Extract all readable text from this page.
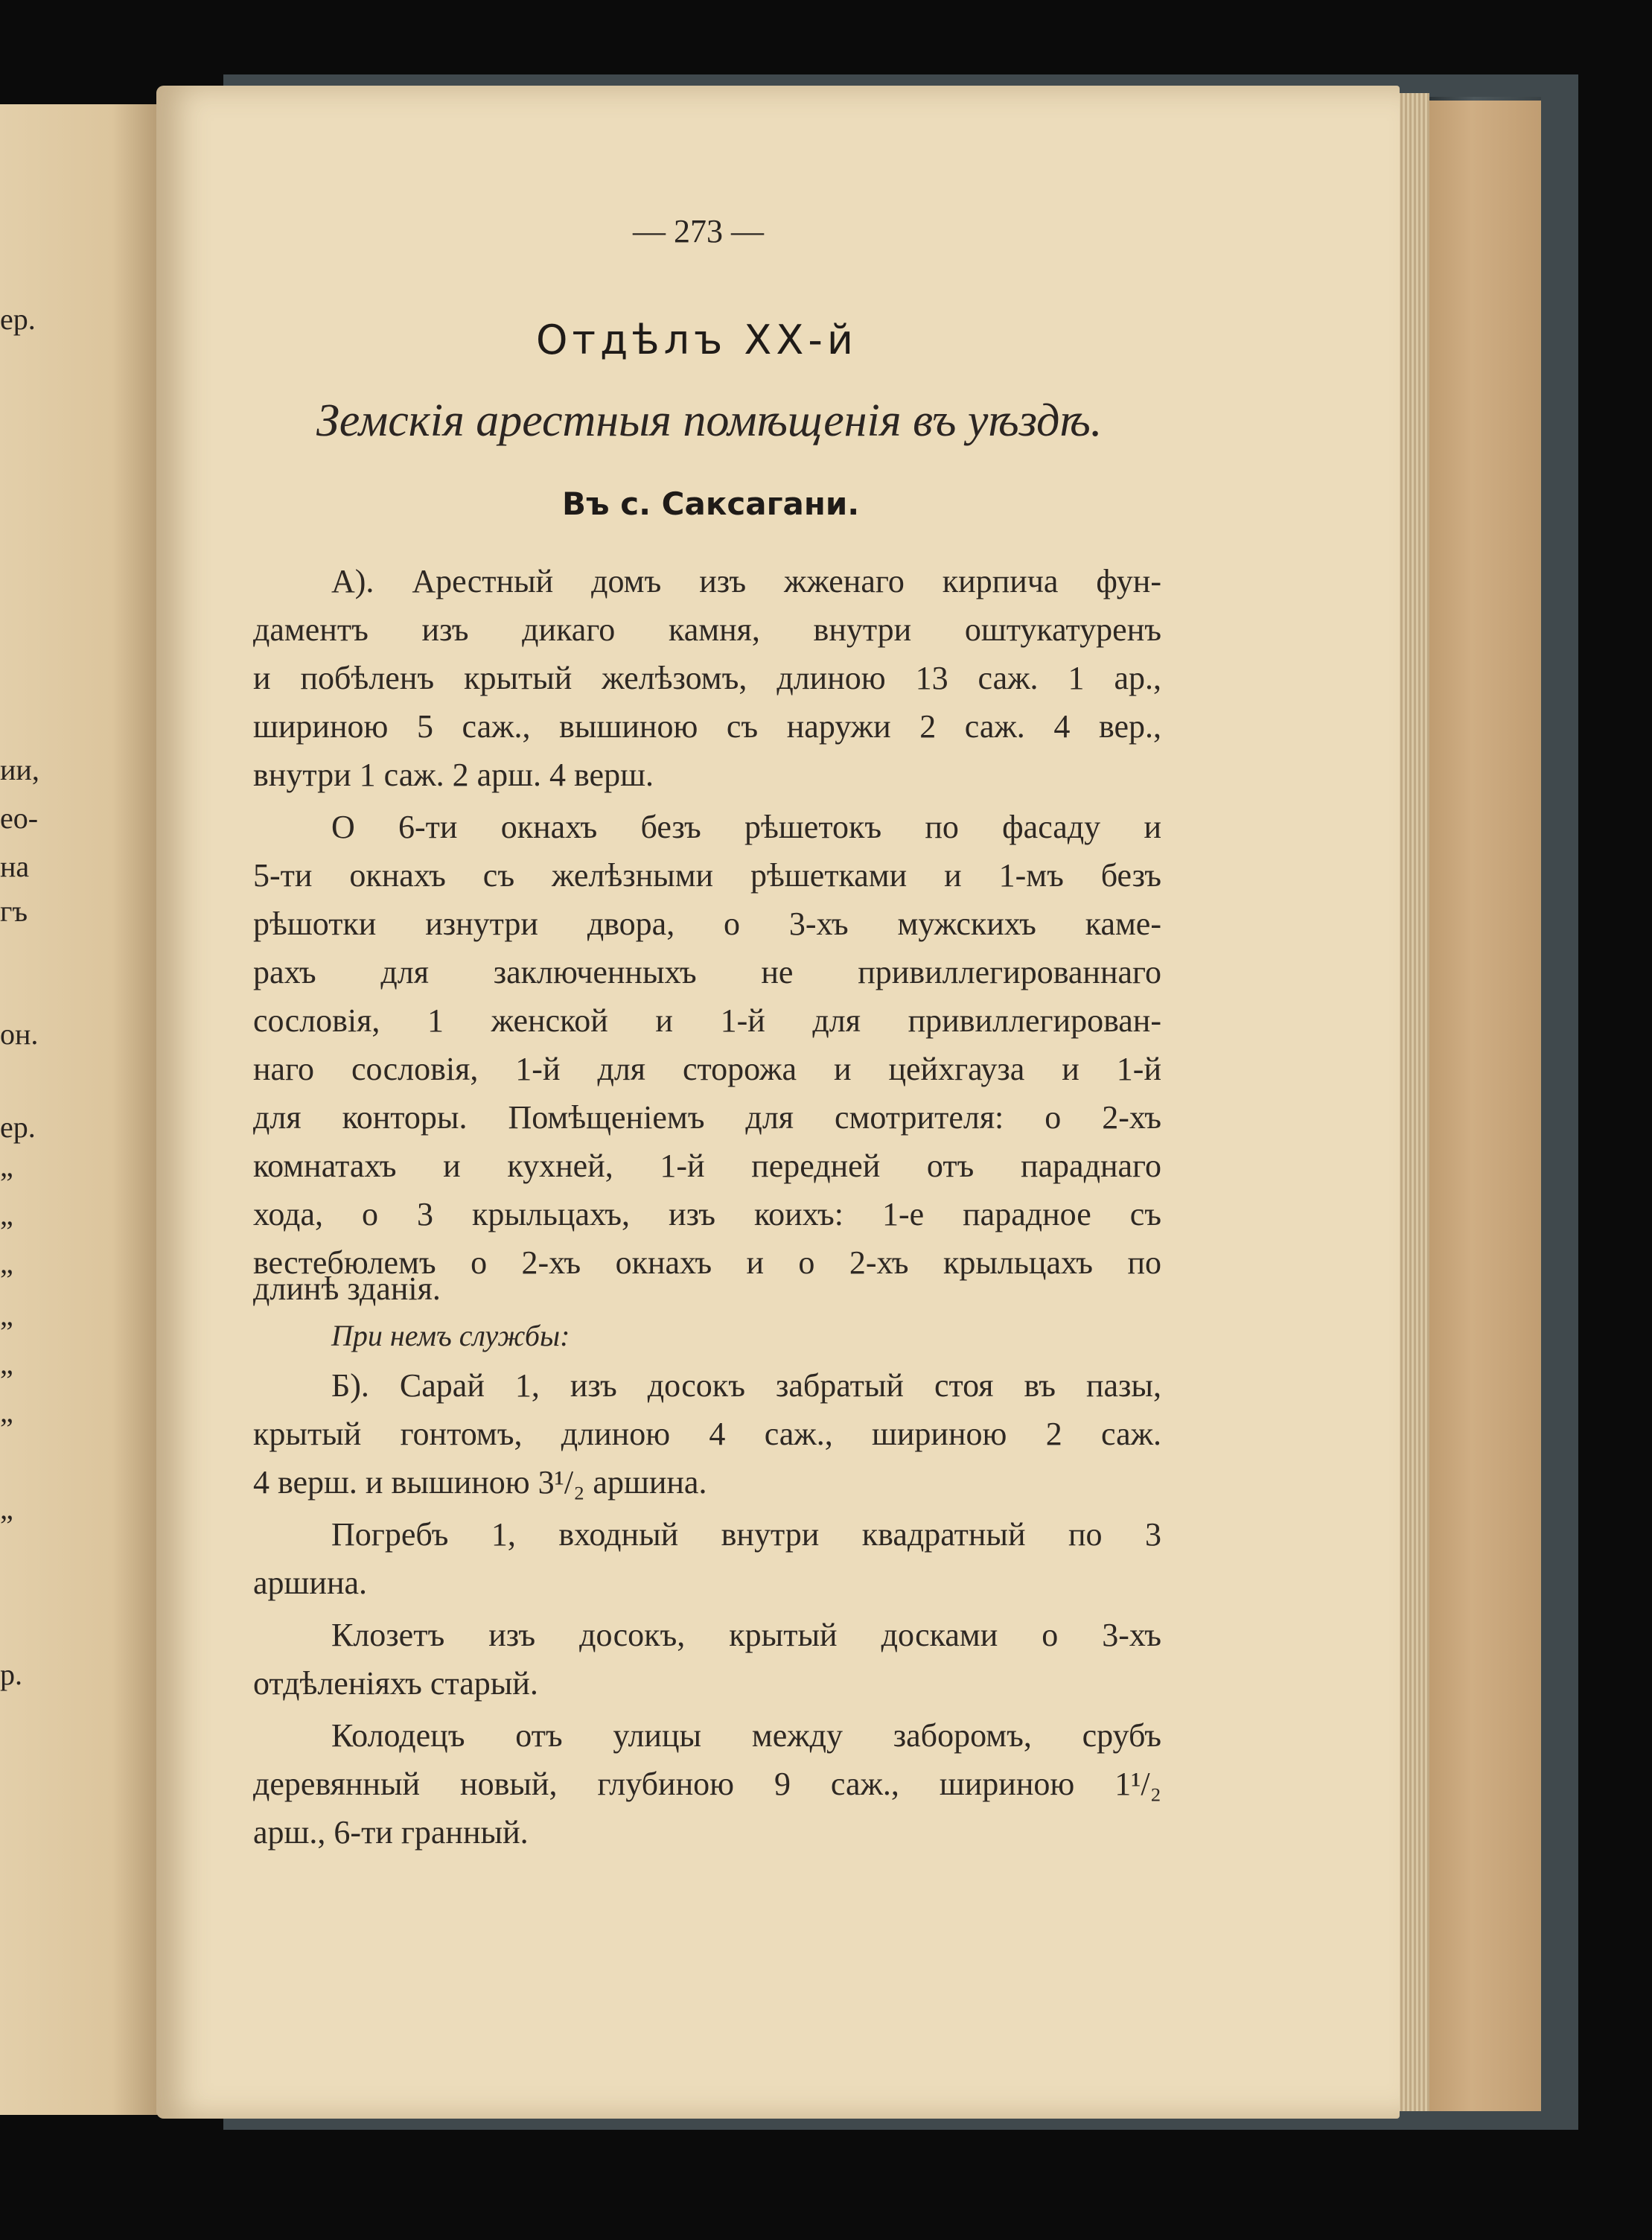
ер.
ии,
ео-
на
гъ
он.
ер.
”
”
”
”
”
”
”
р.
— 273 —
Отдѣлъ ХХ-й
Земскія арестныя помѣщенія въ уѣздѣ.
Въ с. Саксагани.
А). Арестный домъ изъ жженаго кирпича фун-
даментъ изъ дикаго камня, внутри оштукатуренъ
и побѣленъ крытый желѣзомъ, длиною 13 саж. 1 ар.,
шириною 5 саж., вышиною съ наружи 2 саж. 4 вер.,
внутри 1 саж. 2 арш. 4 верш.
О 6-ти окнахъ безъ рѣшетокъ по фасаду и
5-ти окнахъ съ желѣзными рѣшетками и 1-мъ безъ
рѣшотки изнутри двора, о 3-хъ мужскихъ каме-
рахъ для заключенныхъ не привиллегированнаго
сословія, 1 женской и 1-й для привиллегирован-
наго сословія, 1-й для сторожа и цейхгауза и 1-й
для конторы. Помѣщеніемъ для смотрителя: о 2-хъ
комнатахъ и кухней, 1-й передней отъ параднаго
хода, о 3 крыльцахъ, изъ коихъ: 1-е парадное съ
вестебюлемъ о 2-хъ окнахъ и о 2-хъ крыльцахъ по
длинѣ зданія.
При немъ службы:
Б). Сарай 1, изъ досокъ забратый стоя въ пазы,
крытый гонтомъ, длиною 4 саж., шириною 2 саж.
4 верш. и вышиною 3¹/₂ аршина.
Погребъ 1, входный внутри квадратный по 3
аршина.
Клозетъ изъ досокъ, крытый досками о 3-хъ
отдѣленіяхъ старый.
Колодецъ отъ улицы между заборомъ, срубъ
деревянный новый, глубиною 9 саж., шириною 1¹/₂
арш., 6-ти гранный.
